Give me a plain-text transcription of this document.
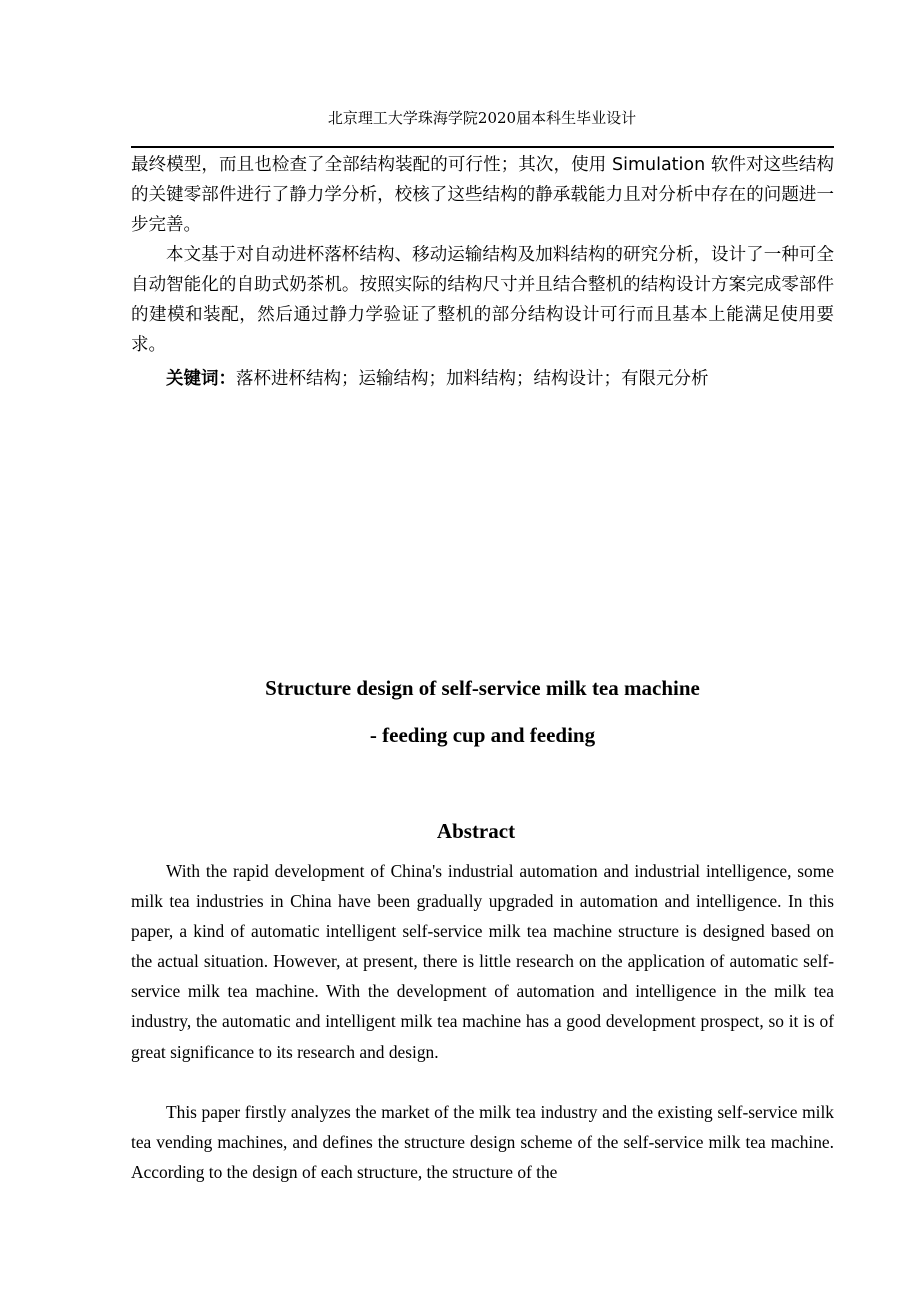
北京理工大学珠海学院2020届本科生毕业设计

最终模型，而且也检查了全部结构装配的可行性；其次，使用 Simulation 软件对这些结构的关键零部件进行了静力学分析，校核了这些结构的静承载能力且对分析中存在的问题进一步完善。

本文基于对自动进杯落杯结构、移动运输结构及加料结构的研究分析，设计了一种可全自动智能化的自助式奶茶机。按照实际的结构尺寸并且结合整机的结构设计方案完成零部件的建模和装配，然后通过静力学验证了整机的部分结构设计可行而且基本上能满足使用要求。

关键词：落杯进杯结构；运输结构；加料结构；结构设计；有限元分析
Structure design of self-service milk tea machine
- feeding cup and feeding
Abstract

With the rapid development of China's industrial automation and industrial intelligence, some milk tea industries in China have been gradually upgraded in automation and intelligence. In this paper, a kind of automatic intelligent self-service milk tea machine structure is designed based on the actual situation. However, at present, there is little research on the application of automatic self-service milk tea machine. With the development of automation and intelligence in the milk tea industry, the automatic and intelligent milk tea machine has a good development prospect, so it is of great significance to its research and design.

This paper firstly analyzes the market of the milk tea industry and the existing self-service milk tea vending machines, and defines the structure design scheme of the self-service milk tea machine. According to the design of each structure, the structure of the
